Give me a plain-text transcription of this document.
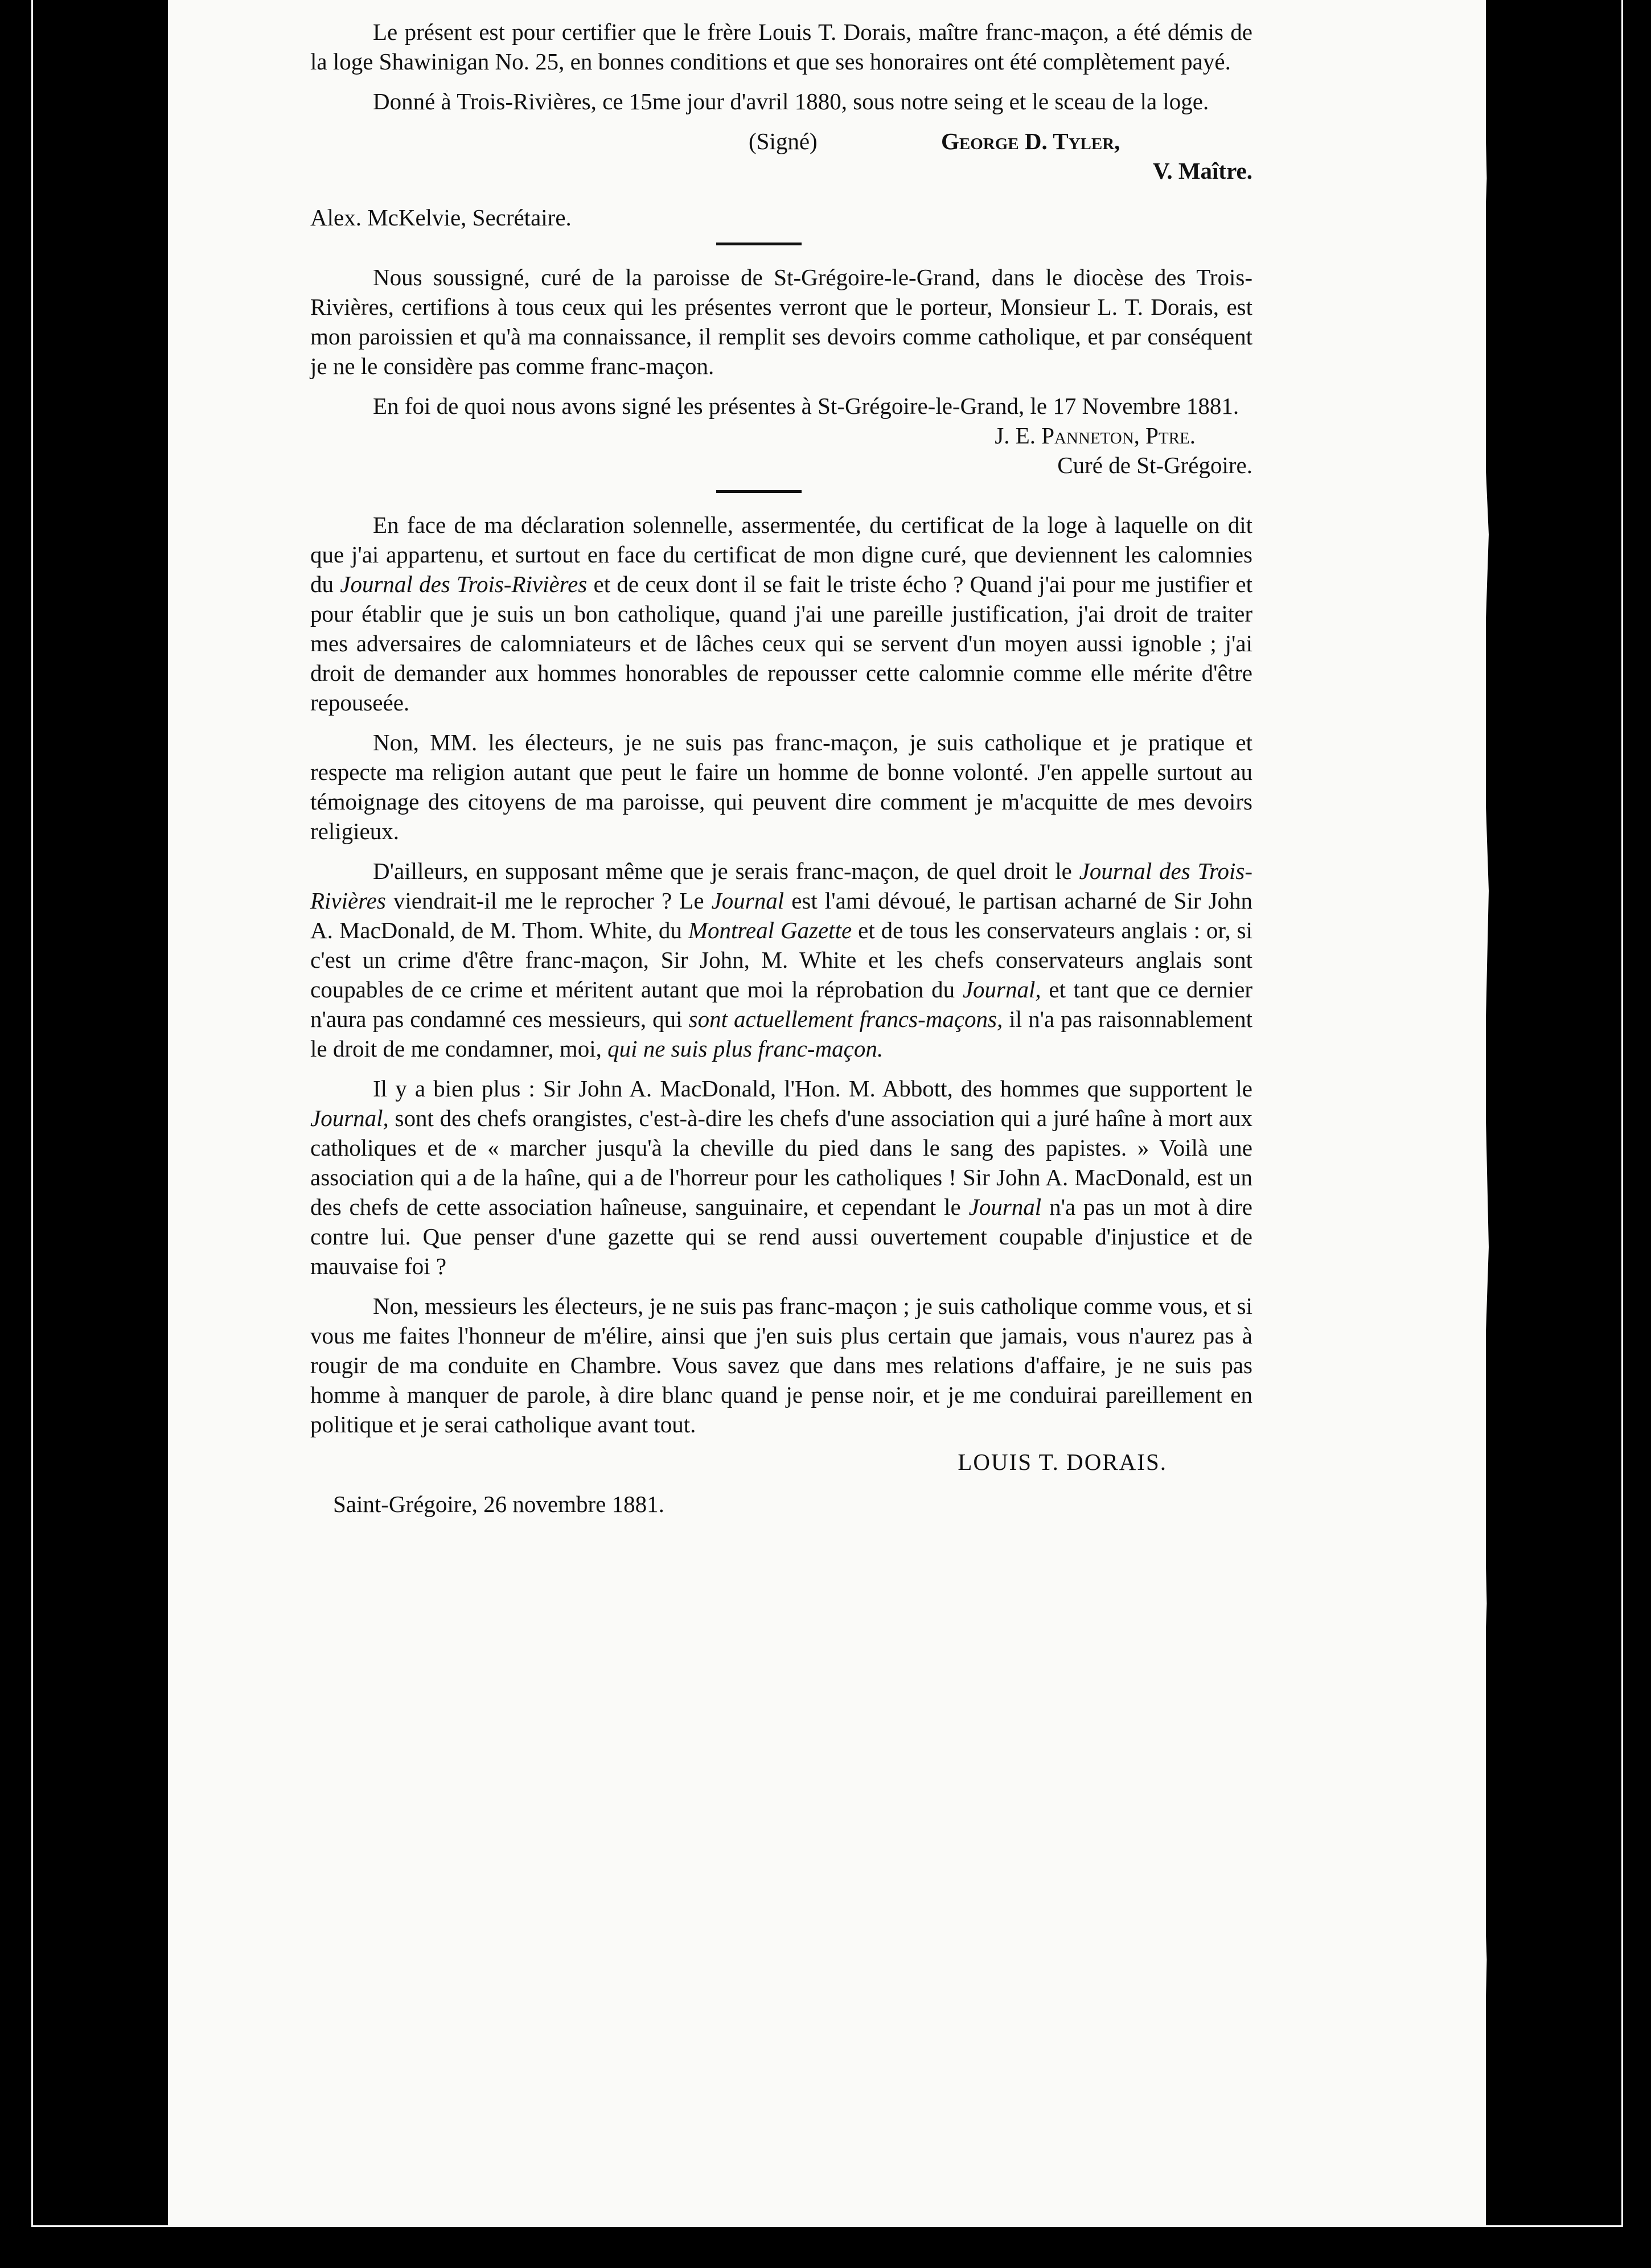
Le présent est pour certifier que le frère Louis T. Dorais, maître franc-maçon, a été démis de la loge Shawinigan No. 25, en bonnes conditions et que ses honoraires ont été complètement payé.

Donné à Trois-Rivières, ce 15me jour d'avril 1880, sous notre seing et le sceau de la loge.

(Signé)	George D. Tyler,

V. Maître.

Alex. McKelvie, Secrétaire.

Nous soussigné, curé de la paroisse de St-Grégoire-le-Grand, dans le diocèse des Trois-Rivières, certifions à tous ceux qui les présentes verront que le porteur, Monsieur L. T. Dorais, est mon paroissien et qu'à ma connaissance, il remplit ses devoirs comme catholique, et par conséquent je ne le considère pas comme franc-maçon.

En foi de quoi nous avons signé les présentes à St-Grégoire-le-Grand, le 17 Novembre 1881.

J. E. Panneton, Ptre.

Curé de St-Grégoire.

En face de ma déclaration solennelle, assermentée, du certificat de la loge à laquelle on dit que j'ai appartenu, et surtout en face du certificat de mon digne curé, que deviennent les calomnies du Journal des Trois-Rivières et de ceux dont il se fait le triste écho ? Quand j'ai pour me justifier et pour établir que je suis un bon catholique, quand j'ai une pareille justification, j'ai droit de traiter mes adversaires de calomniateurs et de lâches ceux qui se servent d'un moyen aussi ignoble ; j'ai droit de demander aux hommes honorables de repousser cette calomnie comme elle mérite d'être repouseée.

Non, MM. les électeurs, je ne suis pas franc-maçon, je suis catholique et je pratique et respecte ma religion autant que peut le faire un homme de bonne volonté. J'en appelle surtout au témoignage des citoyens de ma paroisse, qui peuvent dire comment je m'acquitte de mes devoirs religieux.

D'ailleurs, en supposant même que je serais franc-maçon, de quel droit le Journal des Trois-Rivières viendrait-il me le reprocher ? Le Journal est l'ami dévoué, le partisan acharné de Sir John A. MacDonald, de M. Thom. White, du Montreal Gazette et de tous les conservateurs anglais : or, si c'est un crime d'être franc-maçon, Sir John, M. White et les chefs conservateurs anglais sont coupables de ce crime et méritent autant que moi la réprobation du Journal, et tant que ce dernier n'aura pas condamné ces messieurs, qui sont actuellement francs-maçons, il n'a pas raisonnablement le droit de me condamner, moi, qui ne suis plus franc-maçon.

Il y a bien plus : Sir John A. MacDonald, l'Hon. M. Abbott, des hommes que supportent le Journal, sont des chefs orangistes, c'est-à-dire les chefs d'une association qui a juré haîne à mort aux catholiques et de « marcher jusqu'à la cheville du pied dans le sang des papistes. » Voilà une association qui a de la haîne, qui a de l'horreur pour les catholiques ! Sir John A. MacDonald, est un des chefs de cette association haîneuse, sanguinaire, et cependant le Journal n'a pas un mot à dire contre lui. Que penser d'une gazette qui se rend aussi ouvertement coupable d'injustice et de mauvaise foi ?

Non, messieurs les électeurs, je ne suis pas franc-maçon ; je suis catholique comme vous, et si vous me faites l'honneur de m'élire, ainsi que j'en suis plus certain que jamais, vous n'aurez pas à rougir de ma conduite en Chambre. Vous savez que dans mes relations d'affaire, je ne suis pas homme à manquer de parole, à dire blanc quand je pense noir, et je me conduirai pareillement en politique et je serai catholique avant tout.

LOUIS T. DORAIS.

Saint-Grégoire, 26 novembre 1881.
